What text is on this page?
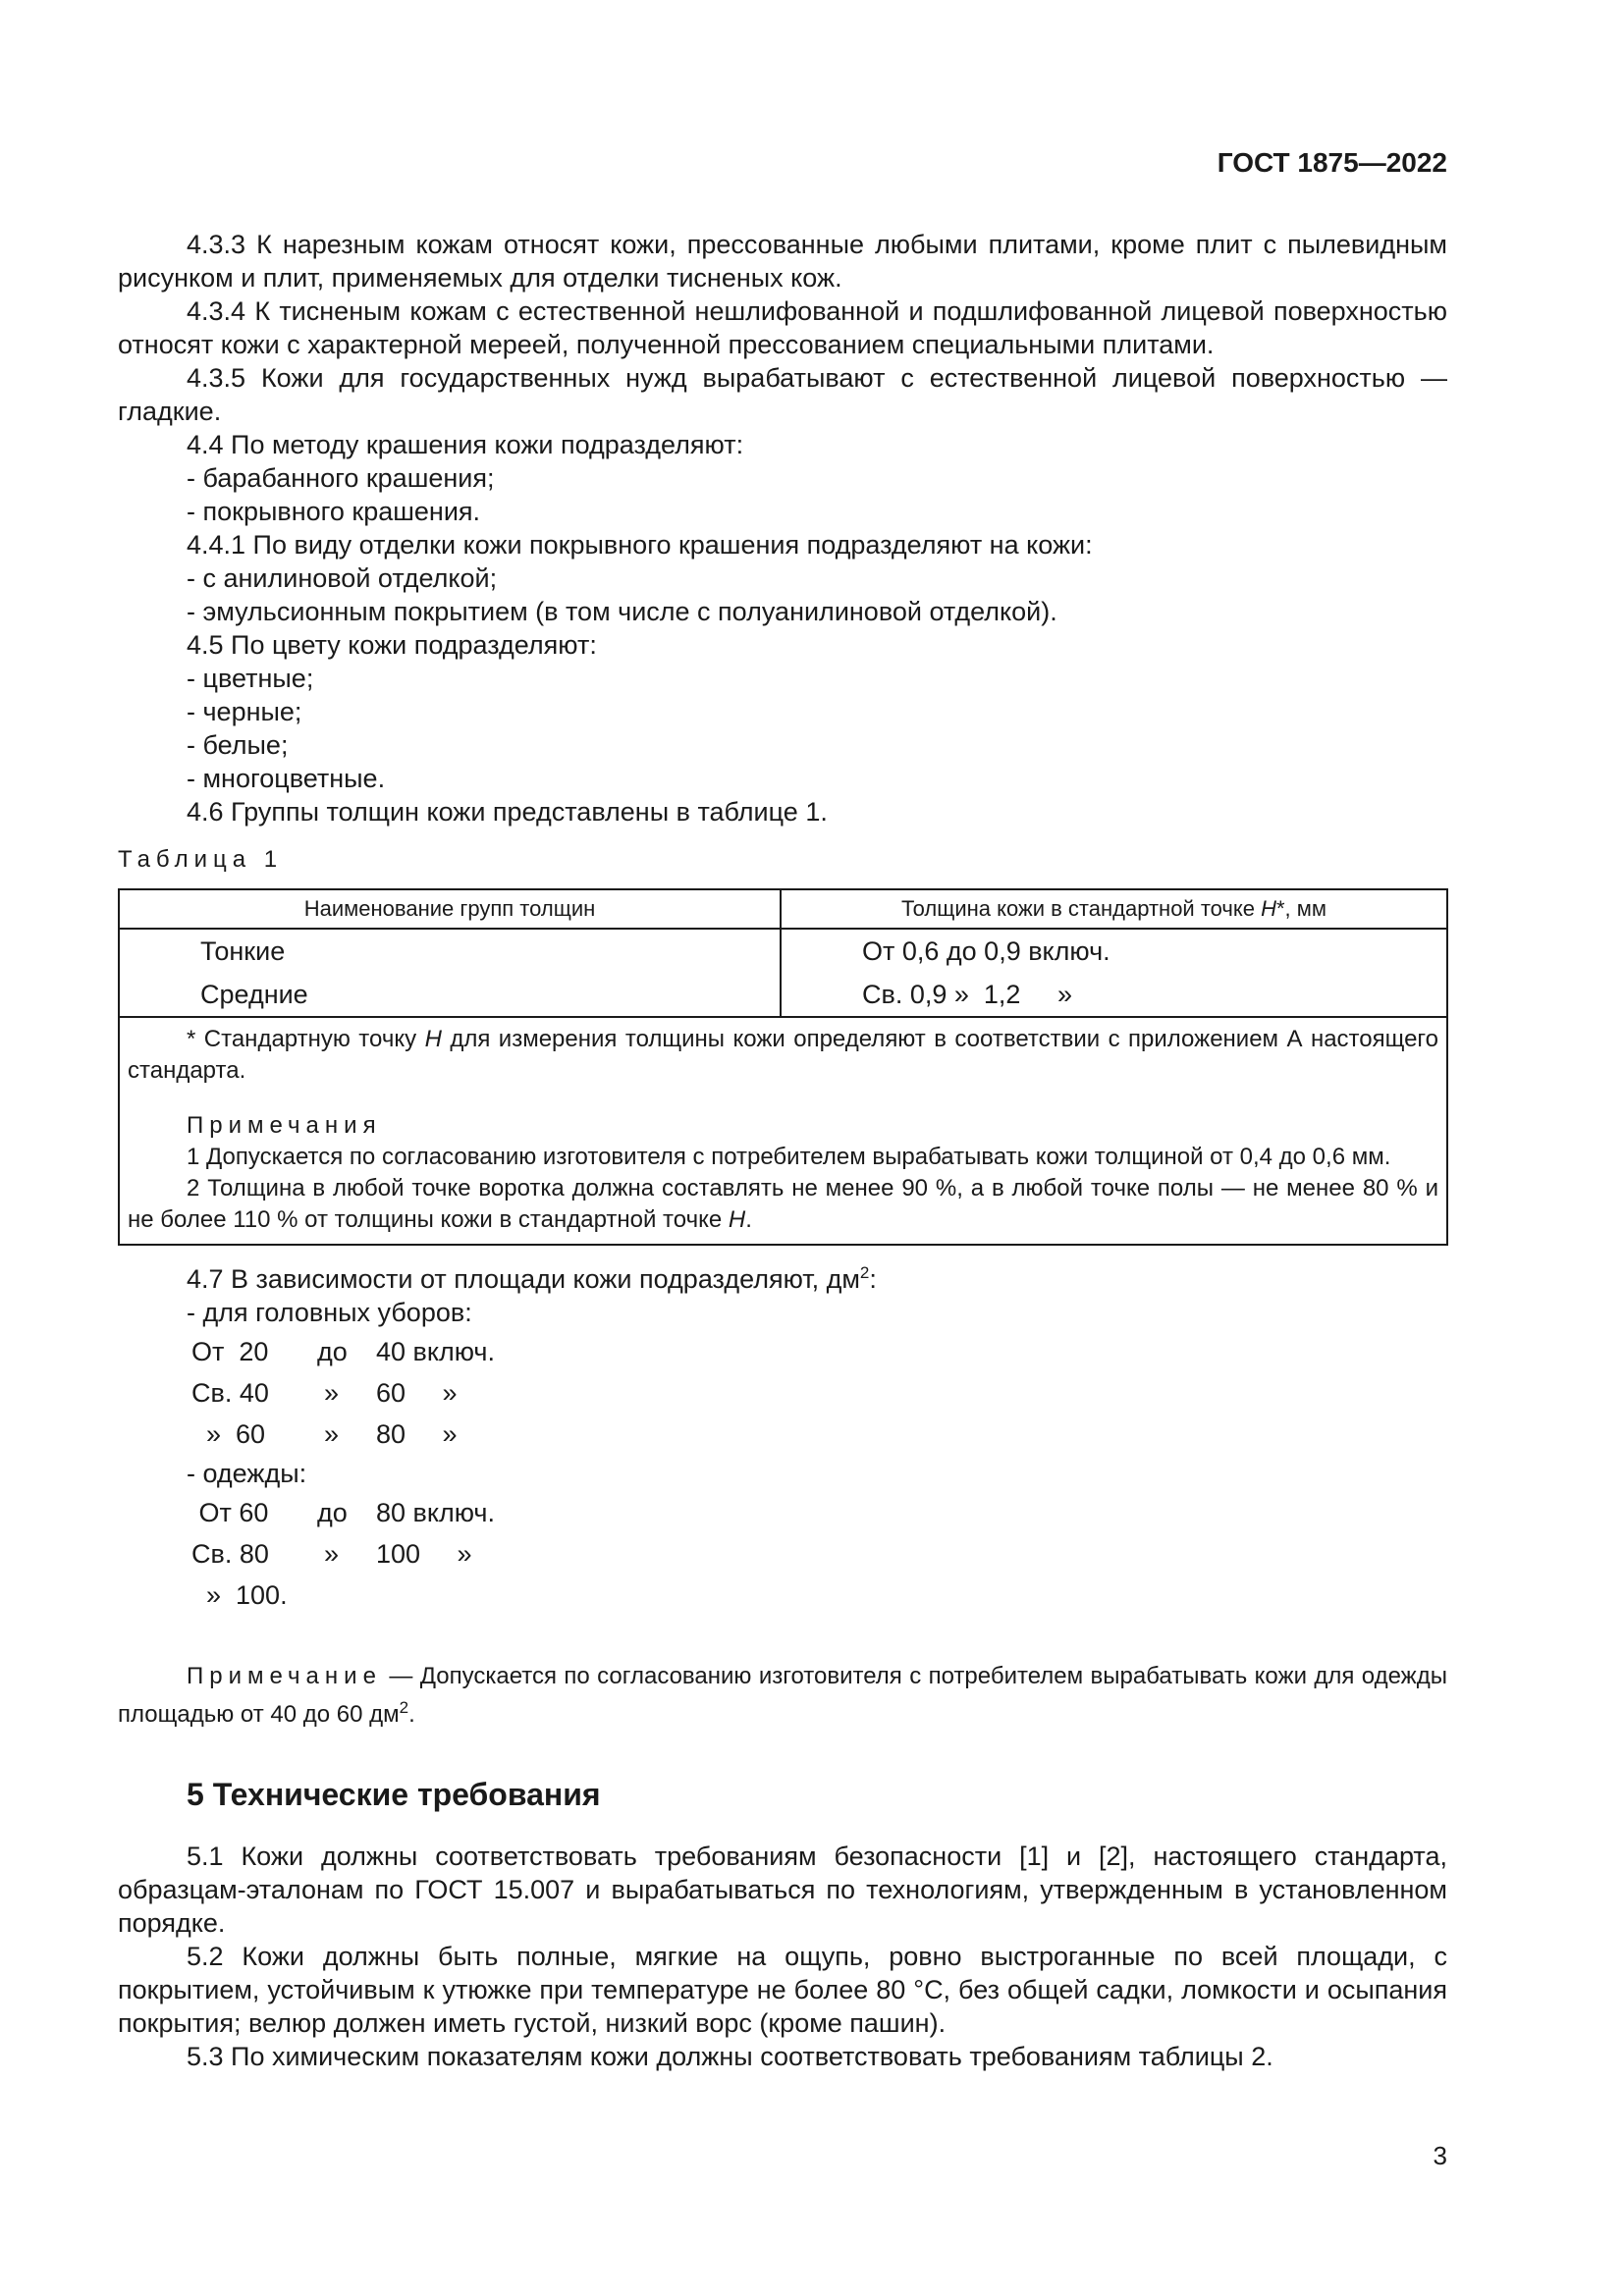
ГОСТ 1875—2022

4.3.3 К нарезным кожам относят кожи, прессованные любыми плитами, кроме плит с пылевидным рисунком и плит, применяемых для отделки тисненых кож.

4.3.4 К тисненым кожам с естественной нешлифованной и подшлифованной лицевой поверхностью относят кожи с характерной мереей, полученной прессованием специальными плитами.

4.3.5 Кожи для государственных нужд вырабатывают с естественной лицевой поверхностью — гладкие.

4.4 По методу крашения кожи подразделяют:

- барабанного крашения;

- покрывного крашения.

4.4.1 По виду отделки кожи покрывного крашения подразделяют на кожи:

- с анилиновой отделкой;

- эмульсионным покрытием (в том числе с полуанилиновой отделкой).

4.5 По цвету кожи подразделяют:

- цветные;

- черные;

- белые;

- многоцветные.

4.6 Группы толщин кожи представлены в таблице 1.

Таблица 1
Наименование групп толщин	Толщина кожи в стандартной точке H*, мм
Тонкие	От 0,6 до 0,9 включ.
Средние	Св. 0,9 »  1,2     »

* Стандартную точку H для измерения толщины кожи определяют в соответствии с приложением А настоящего стандарта.

Примечания

1 Допускается по согласованию изготовителя с потребителем вырабатывать кожи толщиной от 0,4 до 0,6 мм.

2 Толщина в любой точке воротка должна составлять не менее 90 %, а в любой точке полы — не менее 80 % и не более 110 % от толщины кожи в стандартной точке H.	

4.7 В зависимости от площади кожи подразделяют, $дм^2$:

- для головных уборов:

От  20 до 40 включ.
Св. 40 » 60     »
»  60 » 80     »

- одежды:

От 60 до 80 включ.
Св. 80 » 100     »
»  100.

Примечание — Допускается по согласованию изготовителя с потребителем вырабатывать кожи для одежды площадью от 40 до 60 $дм^2$.

5 Технические требования

5.1 Кожи должны соответствовать требованиям безопасности [1] и [2], настоящего стандарта, образцам-эталонам по ГОСТ 15.007 и вырабатываться по технологиям, утвержденным в установленном порядке.

5.2 Кожи должны быть полные, мягкие на ощупь, ровно выстроганные по всей площади, с покрытием, устойчивым к утюжке при температуре не более 80 °С, без общей садки, ломкости и осыпания покрытия; велюр должен иметь густой, низкий ворс (кроме пашин).

5.3 По химическим показателям кожи должны соответствовать требованиям таблицы 2.

3
